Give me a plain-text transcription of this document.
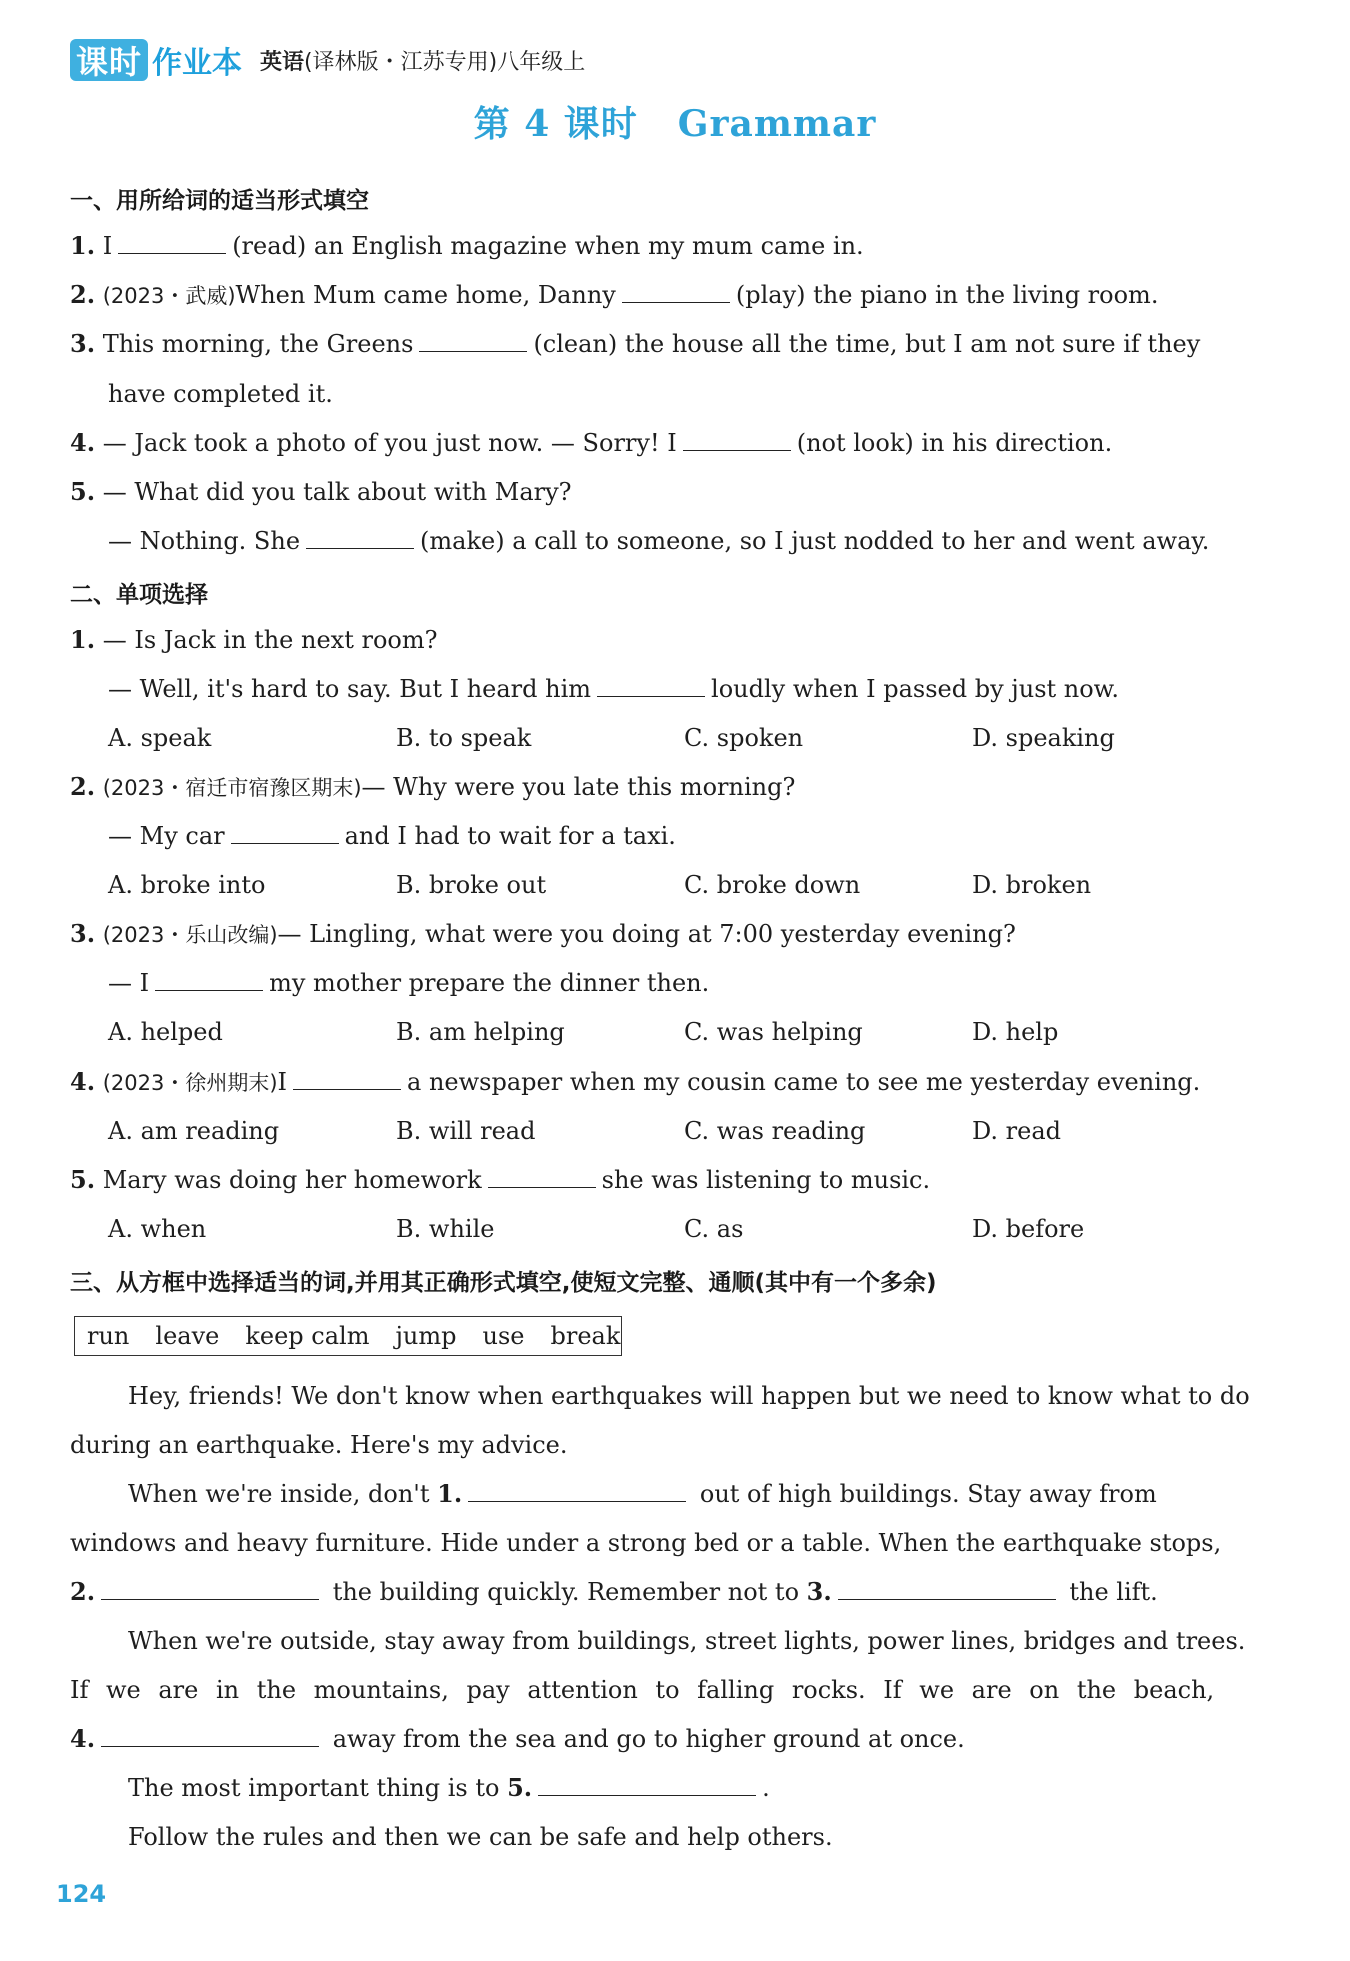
课时 作业本 英语(译林版・江苏专用)八年级上
第 4 课时 Grammar
一、用所给词的适当形式填空
1. I	(read) an English magazine when my mum came in.
2. (2023・武威)When Mum came home, Danny	(play) the piano in the living room.
3. This morning, the Greens	(clean) the house all the time, but I am not sure if they
have completed it.
4. — Jack took a photo of you just now. — Sorry! I	(not look) in his direction.
5. — What did you talk about with Mary?
— Nothing. She	(make) a call to someone, so I just nodded to her and went away.
二、单项选择
1. — Is Jack in the next room?
— Well, it's hard to say. But I heard him	loudly when I passed by just now.
A. speak	B. to speak	C. spoken	D. speaking
2. (2023・宿迁市宿豫区期末)— Why were you late this morning?
— My car	and I had to wait for a taxi.
A. broke into	B. broke out	C. broke down	D. broken
3. (2023・乐山改编)— Lingling, what were you doing at 7:00 yesterday evening?
— I	my mother prepare the dinner then.
A. helped	B. am helping	C. was helping	D. help
4. (2023・徐州期末)I	a newspaper when my cousin came to see me yesterday evening.
A. am reading	B. will read	C. was reading	D. read
5. Mary was doing her homework	she was listening to music.
A. when	B. while	C. as	D. before
三、从方框中选择适当的词,并用其正确形式填空,使短文完整、通顺(其中有一个多余)
run leave keep calm jump use break
Hey, friends! We don't know when earthquakes will happen but we need to know what to do
during an earthquake. Here's my advice.
When we're inside, don't 1.	out of high buildings. Stay away from
windows and heavy furniture. Hide under a strong bed or a table. When the earthquake stops,
2.	the building quickly. Remember not to 3.	the lift.
When we're outside, stay away from buildings, street lights, power lines, bridges and trees.
If we are in the mountains, pay attention to falling rocks. If we are on the beach,
4.	away from the sea and go to higher ground at once.
The most important thing is to 5.	.
Follow the rules and then we can be safe and help others.
124
